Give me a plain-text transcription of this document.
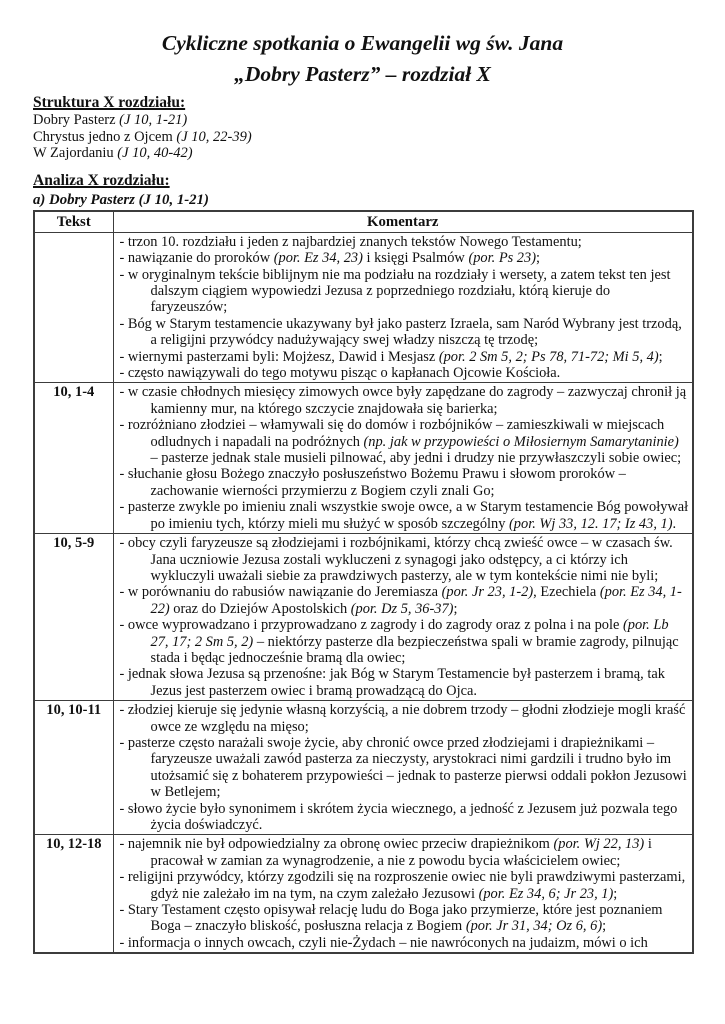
Cykliczne spotkania o Ewangelii wg św. Jana
„Dobry Pasterz” – rozdział X
Struktura X rozdziału:
Dobry Pasterz (J 10, 1-21)
Chrystus jedno z Ojcem (J 10, 22-39)
W Zajordaniu (J 10, 40-42)
Analiza X rozdziału:
a) Dobry Pasterz (J 10, 1-21)
Tekst	Komentarz

- trzon 10. rozdziału i jeden z najbardziej znanych tekstów Nowego Testamentu;
- nawiązanie do proroków (por. Ez 34, 23) i księgi Psalmów (por. Ps 23);
- w oryginalnym tekście biblijnym nie ma podziału na rozdziały i wersety, a zatem tekst ten jest dalszym ciągiem wypowiedzi Jezusa z poprzedniego rozdziału, którą kieruje do faryzeuszów;
- Bóg w Starym testamencie ukazywany był jako pasterz Izraela, sam Naród Wybrany jest trzodą, a religijni przywódcy nadużywający swej władzy niszczą tę trzodę;
- wiernymi pasterzami byli: Mojżesz, Dawid i Mesjasz (por. 2 Sm 5, 2; Ps 78, 71-72; Mi 5, 4);
- często nawiązywali do tego motywu pisząc o kapłanach Ojcowie Kościoła.

10, 1-4	- w czasie chłodnych miesięcy zimowych owce były zapędzane do zagrody – zazwyczaj chronił ją kamienny mur, na którego szczycie znajdowała się barierka;
- rozróżniano złodziei – włamywali się do domów i rozbójników – zamieszkiwali w miejscach odludnych i napadali na podróżnych (np. jak w przypowieści o Miłosiernym Samarytaninie) – pasterze jednak stale musieli pilnować, aby jedni i drudzy nie przywłaszczyli sobie owiec;
- słuchanie głosu Bożego znaczyło posłuszeństwo Bożemu Prawu i słowom proroków – zachowanie wierności przymierzu z Bogiem czyli znali Go;
- pasterze zwykle po imieniu znali wszystkie swoje owce, a w Starym testamencie Bóg powoływał po imieniu tych, którzy mieli mu służyć w sposób szczególny (por. Wj 33, 12. 17; Iz 43, 1).

10, 5-9	- obcy czyli faryzeusze są złodziejami i rozbójnikami, którzy chcą zwieść owce – w czasach św. Jana uczniowie Jezusa zostali wykluczeni z synagogi jako odstępcy, a ci którzy ich wykluczyli uważali siebie za prawdziwych pasterzy, ale w tym kontekście nimi nie byli;
- w porównaniu do rabusiów nawiązanie do Jeremiasza (por. Jr 23, 1-2), Ezechiela (por. Ez 34, 1-22) oraz do Dziejów Apostolskich (por. Dz 5, 36-37);
- owce wyprowadzano i przyprowadzano z zagrody i do zagrody oraz z polna i na pole (por. Lb 27, 17; 2 Sm 5, 2) – niektórzy pasterze dla bezpieczeństwa spali w bramie zagrody, pilnując stada i będąc jednocześnie bramą dla owiec;
- jednak słowa Jezusa są przenośne: jak Bóg w Starym Testamencie był pasterzem i bramą, tak Jezus jest pasterzem owiec i bramą prowadzącą do Ojca.

10, 10-11	- złodziej kieruje się jedynie własną korzyścią, a nie dobrem trzody – głodni złodzieje mogli kraść owce ze względu na mięso;
- pasterze często narażali swoje życie, aby chronić owce przed złodziejami i drapieżnikami – faryzeusze uważali zawód pasterza za nieczysty, arystokraci nimi gardzili i trudno było im utożsamić się z bohaterem przypowieści – jednak to pasterze pierwsi oddali pokłon Jezusowi w Betlejem;
- słowo życie było synonimem i skrótem życia wiecznego, a jedność z Jezusem już pozwala tego życia doświadczyć.

10, 12-18	- najemnik nie był odpowiedzialny za obronę owiec przeciw drapieżnikom (por. Wj 22, 13) i pracował w zamian za wynagrodzenie, a nie z powodu bycia właścicielem owiec;
- religijni przywódcy, którzy zgodzili się na rozproszenie owiec nie byli prawdziwymi pasterzami, gdyż nie zależało im na tym, na czym zależało Jezusowi (por. Ez 34, 6; Jr 23, 1);
- Stary Testament często opisywał relację ludu do Boga jako przymierze, które jest poznaniem Boga – znaczyło bliskość, posłuszna relacja z Bogiem (por. Jr 31, 34; Oz 6, 6);
- informacja o innych owcach, czyli nie-Żydach – nie nawróconych na judaizm, mówi o ich
